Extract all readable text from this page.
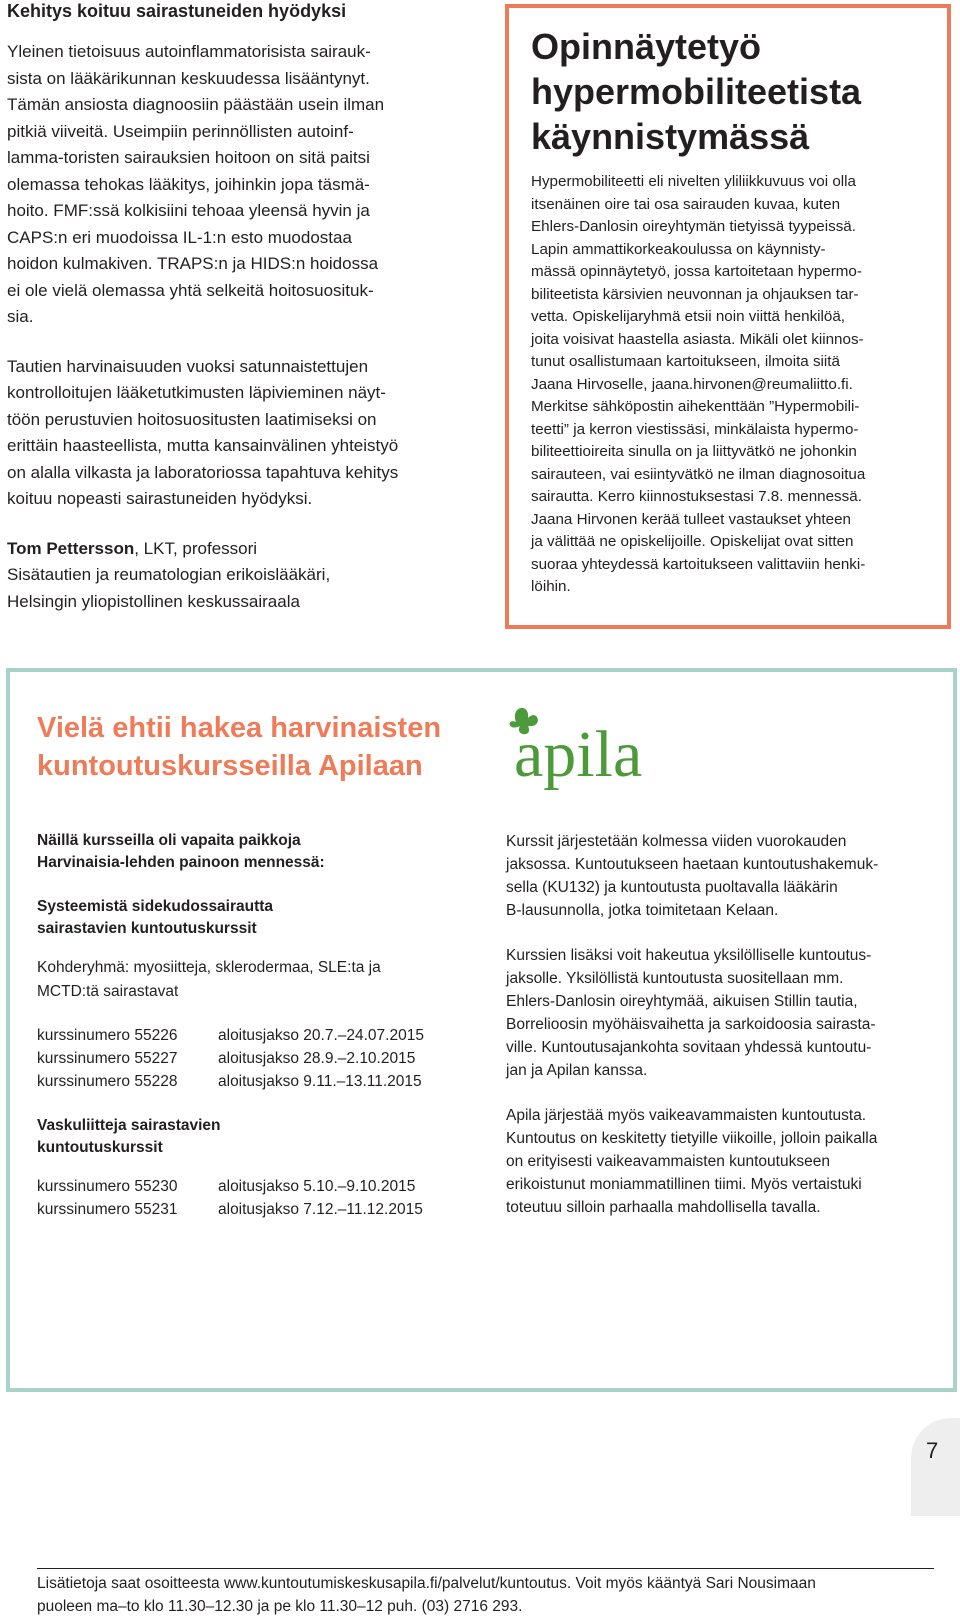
Kehitys koituu sairastuneiden hyödyksi

Yleinen tietoisuus autoinflammatorisista sairauk-
sista on lääkärikunnan keskuudessa lisääntynyt.
Tämän ansiosta diagnoosiin päästään usein ilman
pitkiä viiveitä. Useimpiin perinnöllisten autoinf-
lamma-toristen sairauksien hoitoon on sitä paitsi
olemassa tehokas lääkitys, joihinkin jopa täsmä-
hoito. FMF:ssä kolkisiini tehoaa yleensä hyvin ja
CAPS:n eri muodoissa IL-1:n esto muodostaa
hoidon kulmakiven. TRAPS:n ja HIDS:n hoidossa
ei ole vielä olemassa yhtä selkeitä hoitosuosituk-
sia.

Tautien harvinaisuuden vuoksi satunnaistettujen
kontrolloitujen lääketutkimusten läpivieminen näyt-
töön perustuvien hoitosuositusten laatimiseksi on
erittäin haasteellista, mutta kansainvälinen yhteistyö
on alalla vilkasta ja laboratoriossa tapahtuva kehitys
koituu nopeasti sairastuneiden hyödyksi.

Tom Pettersson, LKT, professori

Sisätautien ja reumatologian erikoislääkäri,

Helsingin yliopistollinen keskussairaala

Opinnäytetyö
hypermobiliteetista
käynnistymässä

Hypermobiliteetti eli nivelten yliliikkuvuus voi olla
itsenäinen oire tai osa sairauden kuvaa, kuten
Ehlers-Danlosin oireyhtymän tietyissä tyypeissä.
Lapin ammattikorkeakoulussa on käynnisty-
mässä opinnäytetyö, jossa kartoitetaan hypermo-
biliteetista kärsivien neuvonnan ja ohjauksen tar-
vetta. Opiskelijaryhmä etsii noin viittä henkilöä,
joita voisivat haastella asiasta. Mikäli olet kiinnos-
tunut osallistumaan kartoitukseen, ilmoita siitä
Jaana Hirvoselle, jaana.hirvonen@reumaliitto.fi.
Merkitse sähköpostin aihekenttään ”Hypermobili-
teetti” ja kerron viestissäsi, minkälaista hypermo-
biliteettioireita sinulla on ja liittyvätkö ne johonkin
sairauteen, vai esiintyvätkö ne ilman diagnosoitua
sairautta. Kerro kiinnostuksestasi 7.8. mennessä.
Jaana Hirvonen kerää tulleet vastaukset yhteen
ja välittää ne opiskelijoille. Opiskelijat ovat sitten
suoraa yhteydessä kartoitukseen valittaviin henki-
löihin.

Vielä ehtii hakea harvinaisten
kuntoutuskursseilla Apilaan apila

Näillä kursseilla oli vapaita paikkoja
Harvinaisia-lehden painoon mennessä:

Systeemistä sidekudossairautta
sairastavien kuntoutuskurssit

Kohderyhmä: myosiitteja, sklerodermaa, SLE:ta ja
MCTD:tä sairastavat

kurssinumero 55226	aloitusjakso 20.7.–24.07.2015
kurssinumero 55227	aloitusjakso 28.9.–2.10.2015
kurssinumero 55228	aloitusjakso 9.11.–13.11.2015

Vaskuliitteja sairastavien
kuntoutuskurssit

kurssinumero 55230	aloitusjakso 5.10.–9.10.2015
kurssinumero 55231	aloitusjakso 7.12.–11.12.2015

Kurssit järjestetään kolmessa viiden vuorokauden
jaksossa. Kuntoutukseen haetaan kuntoutushakemuk-
sella (KU132) ja kuntoutusta puoltavalla lääkärin
B-lausunnolla, jotka toimitetaan Kelaan.

Kurssien lisäksi voit hakeutua yksilölliselle kuntoutus-
jaksolle. Yksilöllistä kuntoutusta suositellaan mm.
Ehlers-Danlosin oireyhtymää, aikuisen Stillin tautia,
Borrelioosin myöhäisvaihetta ja sarkoidoosia sairasta-
ville. Kuntoutusajankohta sovitaan yhdessä kuntoutu-
jan ja Apilan kanssa.

Apila järjestää myös vaikeavammaisten kuntoutusta.
Kuntoutus on keskitetty tietyille viikoille, jolloin paikalla
on erityisesti vaikeavammaisten kuntoutukseen
erikoistunut moniammatillinen tiimi. Myös vertaistuki
toteutuu silloin parhaalla mahdollisella tavalla.

Lisätietoja saat osoitteesta www.kuntoutumiskeskusapila.fi/palvelut/kuntoutus. Voit myös kääntyä Sari Nousimaan
puoleen ma–to klo 11.30–12.30 ja pe klo 11.30–12 puh. (03) 2716 293.

7
